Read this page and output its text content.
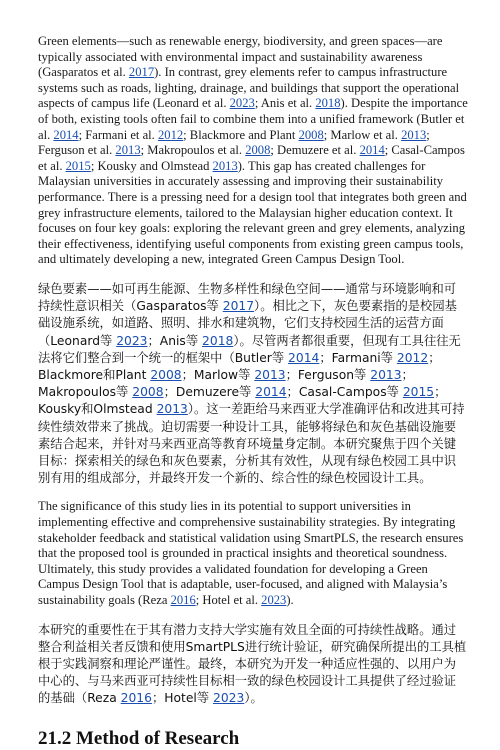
Green elements—such as renewable energy, biodiversity, and green spaces—are typically associated with environmental impact and sustainability awareness (Gasparatos et al. 2017). In contrast, grey elements refer to campus infrastructure systems such as roads, lighting, drainage, and buildings that support the operational aspects of campus life (Leonard et al. 2023; Anis et al. 2018). Despite the importance of both, existing tools often fail to combine them into a unified framework (Butler et al. 2014; Farmani et al. 2012; Blackmore and Plant 2008; Marlow et al. 2013; Ferguson et al. 2013; Makropoulos et al. 2008; Demuzere et al. 2014; Casal-Campos et al. 2015; Kousky and Olmstead 2013). This gap has created challenges for Malaysian universities in accurately assessing and improving their sustainability performance. There is a pressing need for a design tool that integrates both green and grey infrastructure elements, tailored to the Malaysian higher education context. It focuses on four key goals: exploring the relevant green and grey elements, analyzing their effectiveness, identifying useful components from existing green campus tools, and ultimately developing a new, integrated Green Campus Design Tool.

绿色要素——如可再生能源、生物多样性和绿色空间——通常与环境影响和可持续性意识相关（Gasparatos等 2017）。相比之下，灰色要素指的是校园基础设施系统，如道路、照明、排水和建筑物，它们支持校园生活的运营方面（Leonard等 2023；Anis等 2018）。尽管两者都很重要，但现有工具往往无法将它们整合到一个统一的框架中（Butler等 2014；Farmani等 2012；Blackmore和Plant 2008；Marlow等 2013；Ferguson等 2013；Makropoulos等 2008；Demuzere等 2014；Casal-Campos等 2015；Kousky和Olmstead 2013）。这一差距给马来西亚大学准确评估和改进其可持续性绩效带来了挑战。迫切需要一种设计工具，能够将绿色和灰色基础设施要素结合起来，并针对马来西亚高等教育环境量身定制。本研究聚焦于四个关键目标：探索相关的绿色和灰色要素，分析其有效性，从现有绿色校园工具中识别有用的组成部分，并最终开发一个新的、综合性的绿色校园设计工具。

The significance of this study lies in its potential to support universities in implementing effective and comprehensive sustainability strategies. By integrating stakeholder feedback and statistical validation using SmartPLS, the research ensures that the proposed tool is grounded in practical insights and theoretical soundness. Ultimately, this study provides a validated foundation for developing a Green Campus Design Tool that is adaptable, user-focused, and aligned with Malaysia’s sustainability goals (Reza 2016; Hotel et al. 2023).

本研究的重要性在于其有潜力支持大学实施有效且全面的可持续性战略。通过整合利益相关者反馈和使用SmartPLS进行统计验证，研究确保所提出的工具植根于实践洞察和理论严谨性。最终，本研究为开发一种适应性强的、以用户为中心的、与马来西亚可持续性目标相一致的绿色校园设计工具提供了经过验证的基础（Reza 2016；Hotel等 2023）。

21.2 Method of Research
